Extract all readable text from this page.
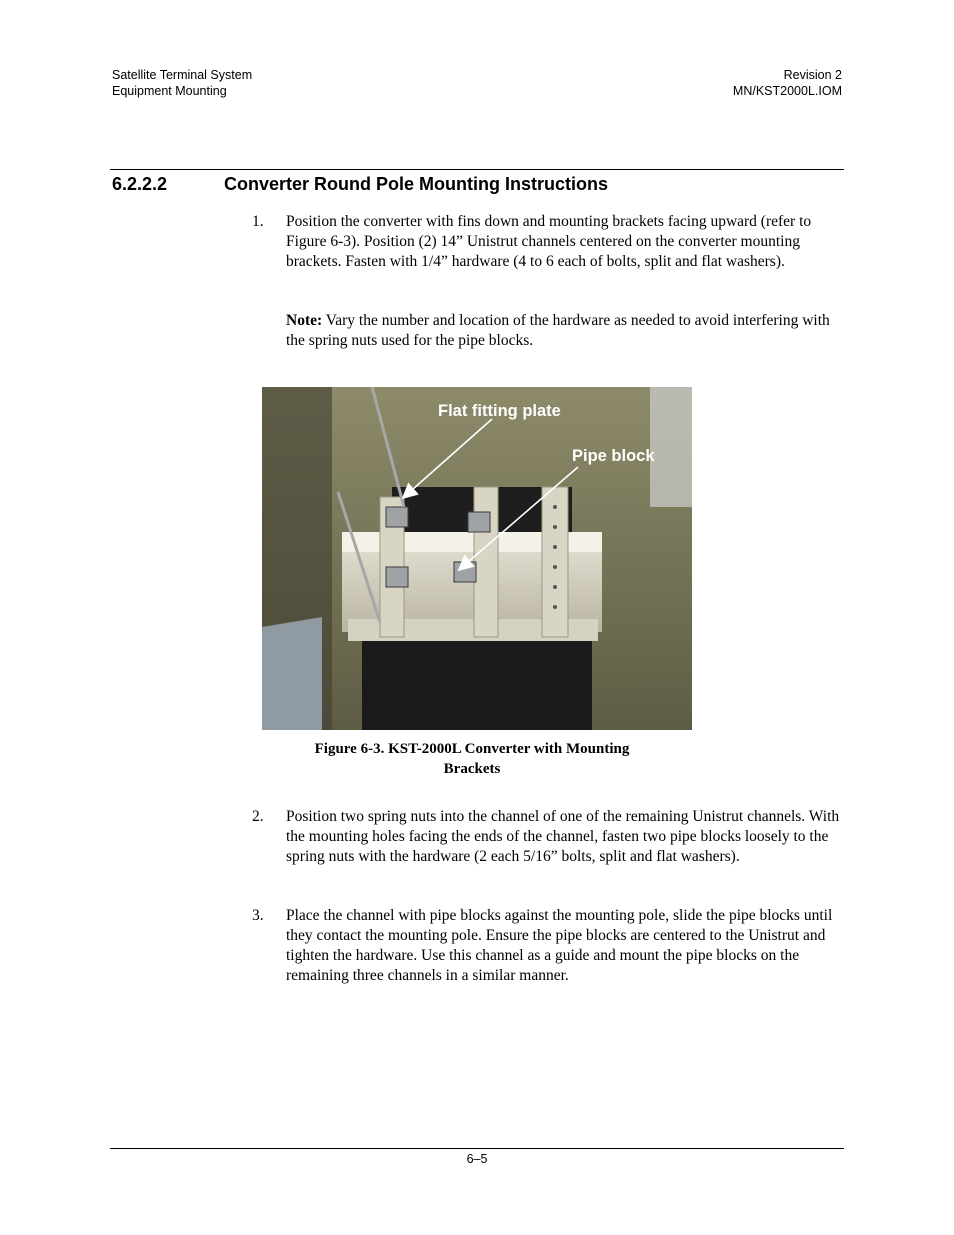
Satellite Terminal System
Equipment Mounting
Revision 2
MN/KST2000L.IOM
6.2.2.2	Converter Round Pole Mounting Instructions
1. Position the converter with fins down and mounting brackets facing upward (refer to Figure 6-3). Position (2) 14” Unistrut channels centered on the converter mounting brackets. Fasten with 1/4” hardware (4 to 6 each of bolts, split and flat washers).
Note: Vary the number and location of the hardware as needed to avoid interfering with the spring nuts used for the pipe blocks.
Flat fitting plate
Pipe block
Figure 6-3. KST-2000L Converter with Mounting
Brackets
2. Position two spring nuts into the channel of one of the remaining Unistrut channels. With the mounting holes facing the ends of the channel, fasten two pipe blocks loosely to the spring nuts with the hardware (2 each 5/16” bolts, split and flat washers).
3. Place the channel with pipe blocks against the mounting pole, slide the pipe blocks until they contact the mounting pole. Ensure the pipe blocks are centered to the Unistrut and tighten the hardware. Use this channel as a guide and mount the pipe blocks on the remaining three channels in a similar manner.
6–5
